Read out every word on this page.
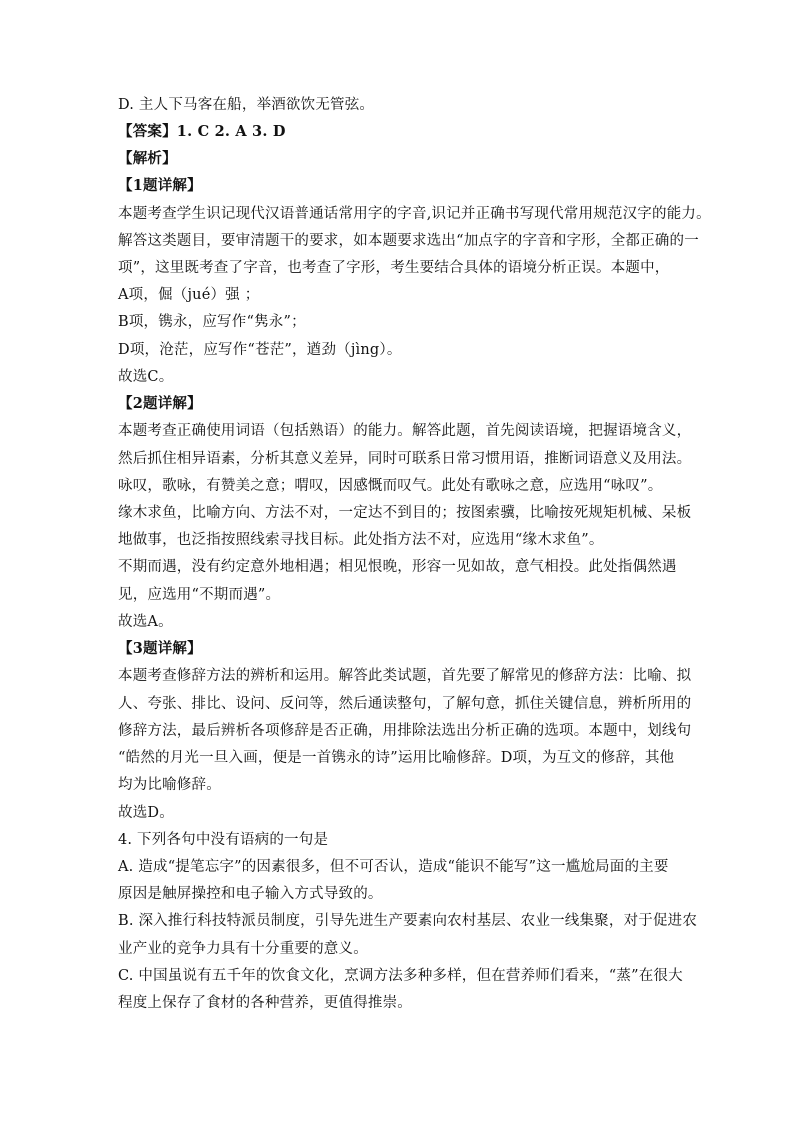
D. 主人下马客在船，举酒欲饮无管弦。
【答案】1. C 2. A 3. D
【解析】
【1题详解】
本题考查学生识记现代汉语普通话常用字的字音,识记并正确书写现代常用规范汉字的能力。
解答这类题目，要审清题干的要求，如本题要求选出“加点字的字音和字形，全都正确的一
项”，这里既考查了字音，也考查了字形，考生要结合具体的语境分析正误。本题中，
A项，倔（jué）强 ；
B项，镌永，应写作“隽永”；
D项，沧茫，应写作“苍茫”，遒劲（jìng）。
故选C。
【2题详解】
本题考查正确使用词语（包括熟语）的能力。解答此题，首先阅读语境，把握语境含义，
然后抓住相异语素，分析其意义差异，同时可联系日常习惯用语，推断词语意义及用法。
咏叹，歌咏，有赞美之意；喟叹，因感慨而叹气。此处有歌咏之意，应选用“咏叹”。
缘木求鱼，比喻方向、方法不对，一定达不到目的；按图索骥，比喻按死规矩机械、呆板
地做事，也泛指按照线索寻找目标。此处指方法不对，应选用“缘木求鱼”。
不期而遇，没有约定意外地相遇；相见恨晚，形容一见如故，意气相投。此处指偶然遇
见，应选用“不期而遇”。
故选A。
【3题详解】
本题考查修辞方法的辨析和运用。解答此类试题，首先要了解常见的修辞方法：比喻、拟
人、夸张、排比、设问、反问等，然后通读整句，了解句意，抓住关键信息，辨析所用的
修辞方法，最后辨析各项修辞是否正确，用排除法选出分析正确的选项。本题中，划线句
“皓然的月光一旦入画，便是一首镌永的诗”运用比喻修辞。D项，为互文的修辞，其他
均为比喻修辞。
故选D。
4. 下列各句中没有语病的一句是
A. 造成“提笔忘字”的因素很多，但不可否认，造成“能识不能写”这一尴尬局面的主要
原因是触屏操控和电子输入方式导致的。
B. 深入推行科技特派员制度，引导先进生产要素向农村基层、农业一线集聚，对于促进农
业产业的竞争力具有十分重要的意义。
C. 中国虽说有五千年的饮食文化，烹调方法多种多样，但在营养师们看来，“蒸”在很大
程度上保存了食材的各种营养，更值得推崇。
